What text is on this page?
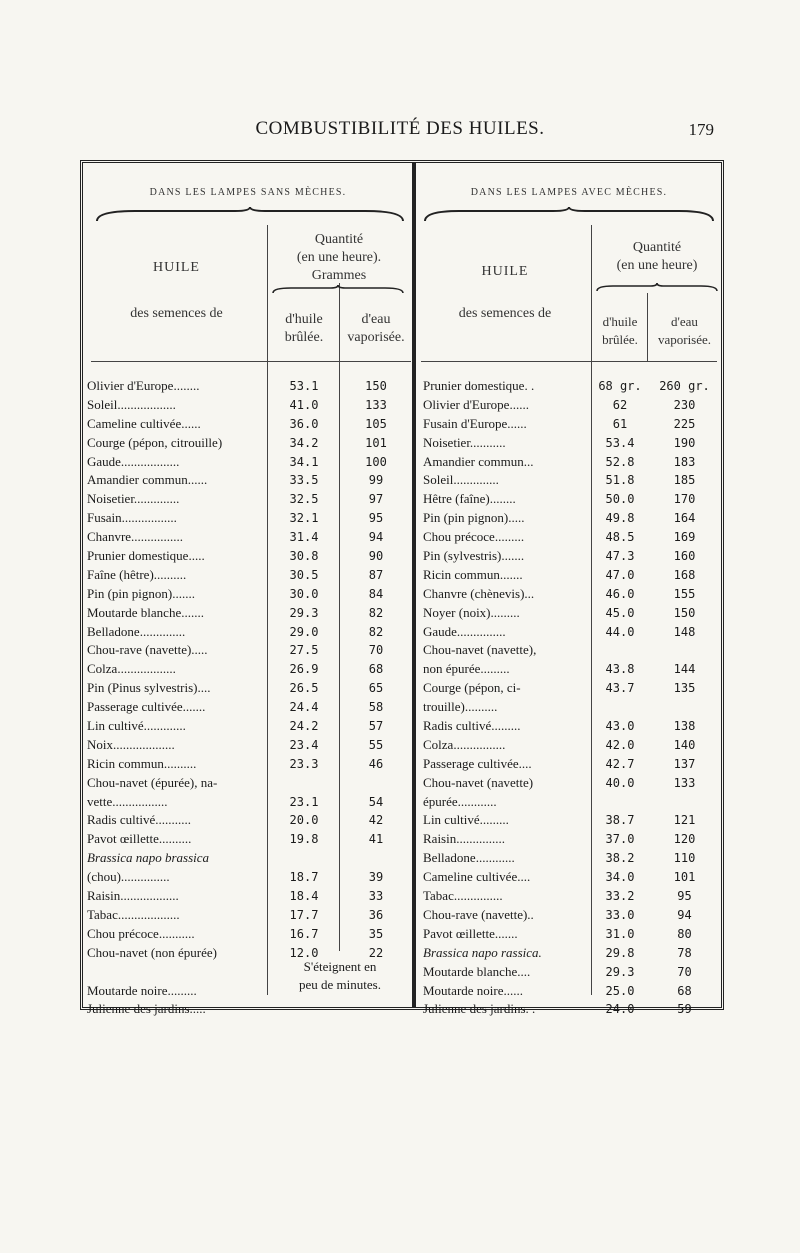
COMBUSTIBILITÉ DES HUILES.	179
DANS LES LAMPES SANS MÈCHES.
HUILE
des semences de
Quantité
(en une heure).
Grammes
d'huile
brûlée.
d'eau
vaporisée.
Olivier d'Europe........	53.1	150
Soleil..................	41.0	133
Cameline cultivée......	36.0	105
Courge (pépon, citrouille)	34.2	101
Gaude..................	34.1	100
Amandier commun......	33.5	99
Noisetier..............	32.5	97
Fusain.................	32.1	95
Chanvre................	31.4	94
Prunier domestique.....	30.8	90
Faîne (hêtre)..........	30.5	87
Pin (pin pignon).......	30.0	84
Moutarde blanche.......	29.3	82
Belladone..............	29.0	82
Chou-rave (navette).....	27.5	70
Colza..................	26.9	68
Pin (Pinus sylvestris)....	26.5	65
Passerage cultivée.......	24.4	58
Lin cultivé.............	24.2	57
Noix...................	23.4	55
Ricin commun..........	23.3	46
Chou-navet (épurée), na-
vette.................	23.1	54
Radis cultivé...........	20.0	42
Pavot œillette..........	19.8	41
Brassica napo brassica
(chou)...............	18.7	39
Raisin..................	18.4	33
Tabac...................	17.7	36
Chou précoce...........	16.7	35
Chou-navet (non épurée)	12.0	22
Moutarde noire.........
Julienne des jardins.....
S'éteignent en
peu de minutes.
DANS LES LAMPES AVEC MÈCHES.
HUILE
des semences de
Quantité
(en une heure)
d'huile
brûlée.
d'eau
vaporisée.
Prunier domestique. .	68 gr.	260 gr.
Olivier d'Europe......	62	230
Fusain d'Europe......	61	225
Noisetier...........	53.4	190
Amandier commun...	52.8	183
Soleil..............	51.8	185
Hêtre (faîne)........	50.0	170
Pin (pin pignon).....	49.8	164
Chou précoce.........	48.5	169
Pin (sylvestris).......	47.3	160
Ricin commun.......	47.0	168
Chanvre (chènevis)...	46.0	155
Noyer (noix).........	45.0	150
Gaude...............	44.0	148
Chou-navet (navette),
non épurée.........	43.8	144
Courge (pépon, ci-	43.7	135
trouille)..........
Radis cultivé.........	43.0	138
Colza................	42.0	140
Passerage cultivée....	42.7	137
Chou-navet (navette)	40.0	133
épurée............
Lin cultivé.........	38.7	121
Raisin...............	37.0	120
Belladone............	38.2	110
Cameline cultivée....	34.0	101
Tabac...............	33.2	95
Chou-rave (navette)..	33.0	94
Pavot œillette.......	31.0	80
Brassica napo rassica.	29.8	78
Moutarde blanche....	29.3	70
Moutarde noire......	25.0	68
Julienne des jardins. .	24.0	59
